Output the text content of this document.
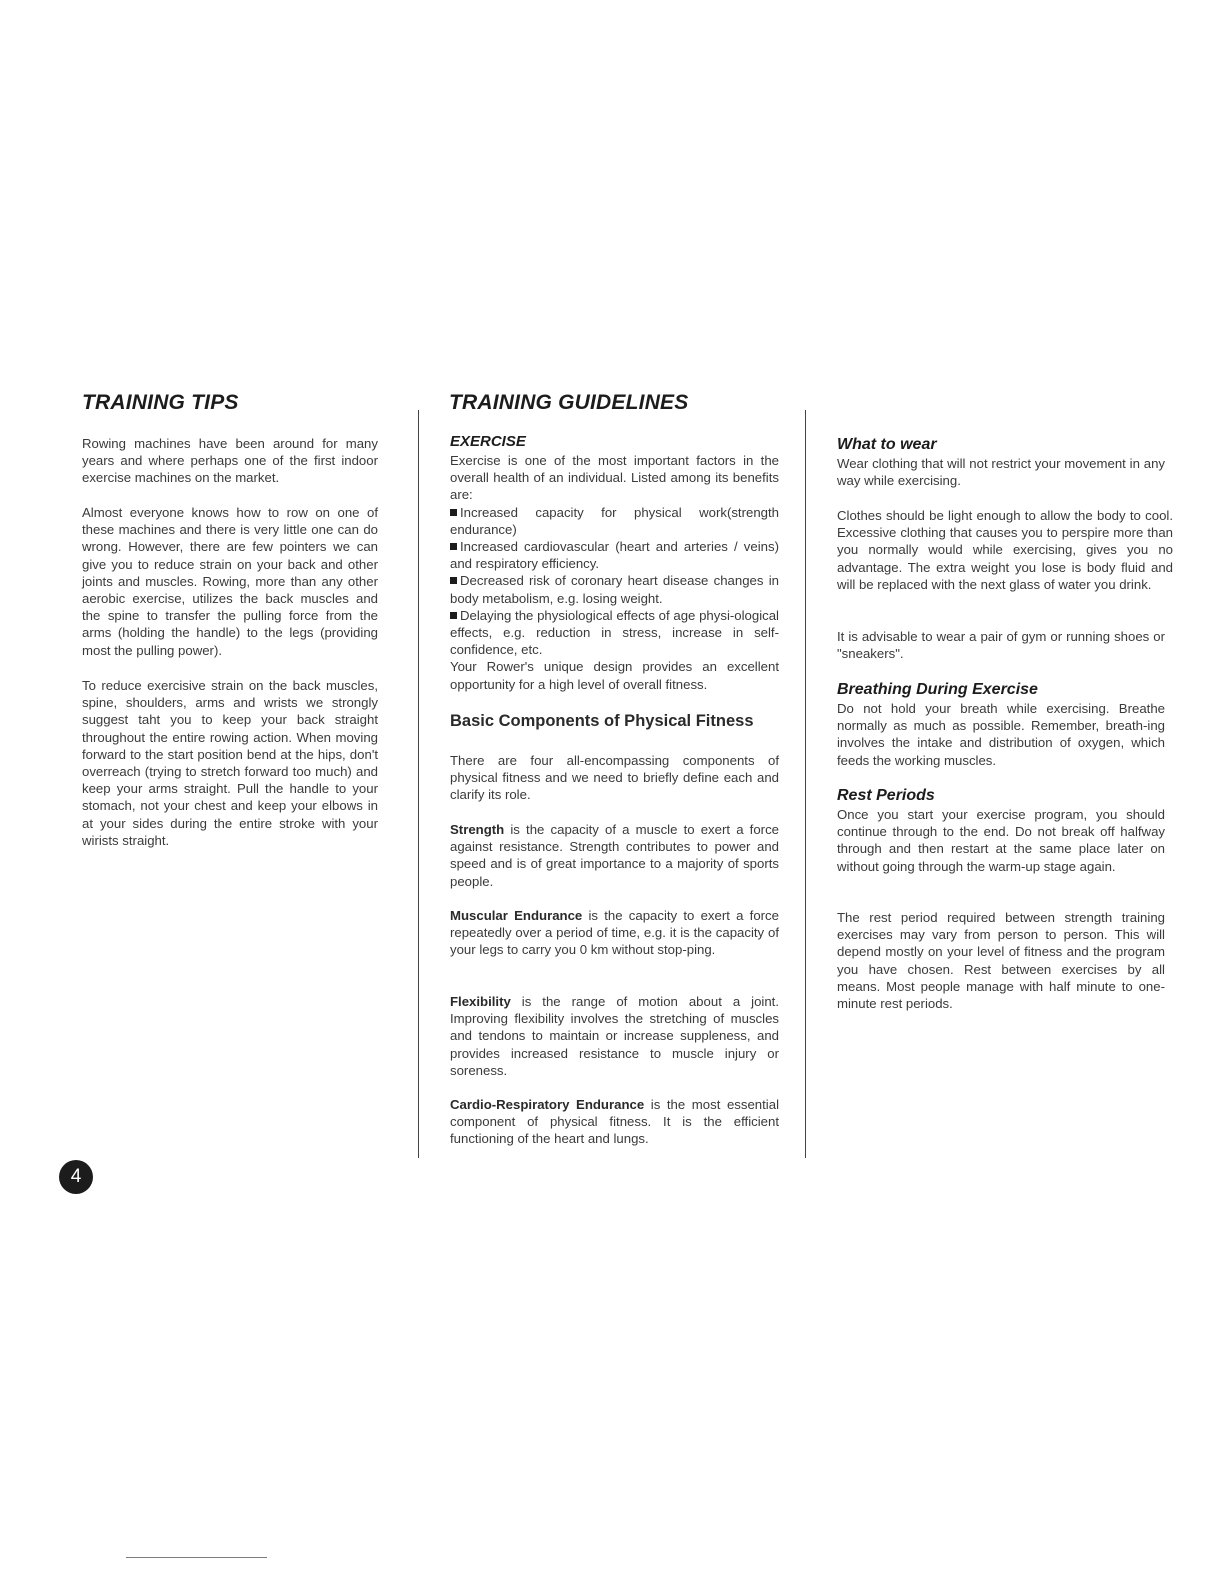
TRAINING TIPS	TRAINING GUIDELINES

Rowing machines have been around for many years and where perhaps one of the first indoor exercise machines on the market.

Almost everyone knows how to row on one of these machines and there is very little one can do wrong. However, there are few pointers we can give you to reduce strain on your back and other joints and muscles. Rowing, more than any other aerobic exercise, utilizes the back muscles and the spine to transfer the pulling force from the arms (holding the handle) to the legs (providing most the pulling power).

To reduce exercisive strain on the back muscles, spine, shoulders, arms and wrists we strongly suggest taht you to keep your back straight throughout the entire rowing action. When moving forward to the start position bend at the hips, don't overreach (trying to stretch forward too much) and keep your arms straight. Pull the handle to your stomach, not your chest and keep your elbows in at your sides during the entire stroke with your wirists straight.

EXERCISE

Exercise is one of the most important factors in the overall health of an individual. Listed among its benefits are:

Increased capacity for physical work(strength endurance)

Increased cardiovascular (heart and arteries / veins) and respiratory efficiency.

Decreased risk of coronary heart disease changes in body metabolism, e.g. losing weight.

Delaying the physiological effects of age physi-ological effects, e.g. reduction in stress, increase in self-confidence, etc.

Your Rower's unique design provides an excellent opportunity for a high level of overall fitness.

Basic Components of Physical Fitness

There are four all-encompassing components of physical fitness and we need to briefly define each and clarify its role.

Strength is the capacity of a muscle to exert a force against resistance. Strength contributes to power and speed and is of great importance to a majority of sports people.

Muscular Endurance is the capacity to exert a force repeatedly over a period of time, e.g. it is the capacity of your legs to carry you 0 km without stop-ping.

Flexibility is the range of motion about a joint. Improving flexibility involves the stretching of muscles and tendons to maintain or increase suppleness, and provides increased resistance to muscle injury or soreness.

Cardio-Respiratory Endurance is the most essential component of physical fitness. It is the efficient functioning of the heart and lungs.

What to wear

Wear clothing that will not restrict your movement in any way while exercising.

Clothes should be light enough to allow the body to cool. Excessive clothing that causes you to perspire more than you normally would while exercising, gives you no advantage. The extra weight you lose is body fluid and will be replaced with the next glass of water you drink.

It is advisable to wear a pair of gym or running shoes or "sneakers".

Breathing During Exercise

Do not hold your breath while exercising. Breathe normally as much as possible. Remember, breath-ing involves the intake and distribution of oxygen, which feeds the working muscles.

Rest Periods

Once you start your exercise program, you should continue through to the end. Do not break off halfway through and then restart at the same place later on without going through the warm-up stage again.

The rest period required between strength training exercises may vary from person to person. This will depend mostly on your level of fitness and the program you have chosen. Rest between exercises by all means. Most people manage with half minute to one-minute rest periods.

4
